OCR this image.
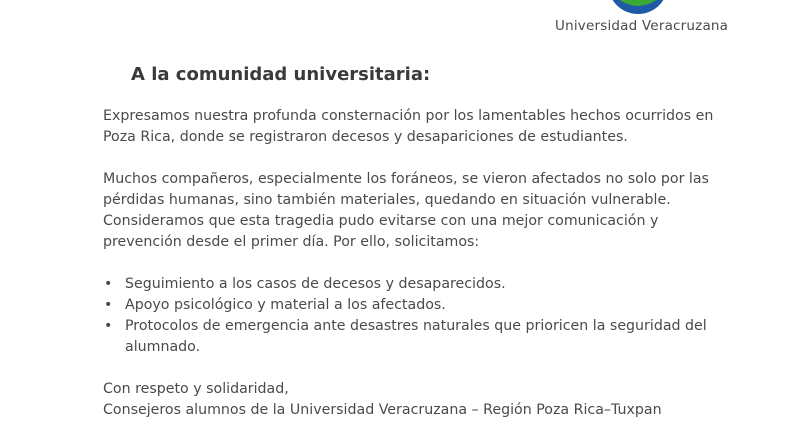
Universidad Veracruzana
A la comunidad universitaria:

Expresamos nuestra profunda consternación por los lamentables hechos ocurridos en
Poza Rica, donde se registraron decesos y desapariciones de estudiantes.

Muchos compañeros, especialmente los foráneos, se vieron afectados no solo por las
pérdidas humanas, sino también materiales, quedando en situación vulnerable.
Consideramos que esta tragedia pudo evitarse con una mejor comunicación y
prevención desde el primer día. Por ello, solicitamos:

• Seguimiento a los casos de decesos y desaparecidos.
• Apoyo psicológico y material a los afectados.
• Protocolos de emergencia ante desastres naturales que prioricen la seguridad del
alumnado.
Con respeto y solidaridad,
Consejeros alumnos de la Universidad Veracruzana – Región Poza Rica–Tuxpan
